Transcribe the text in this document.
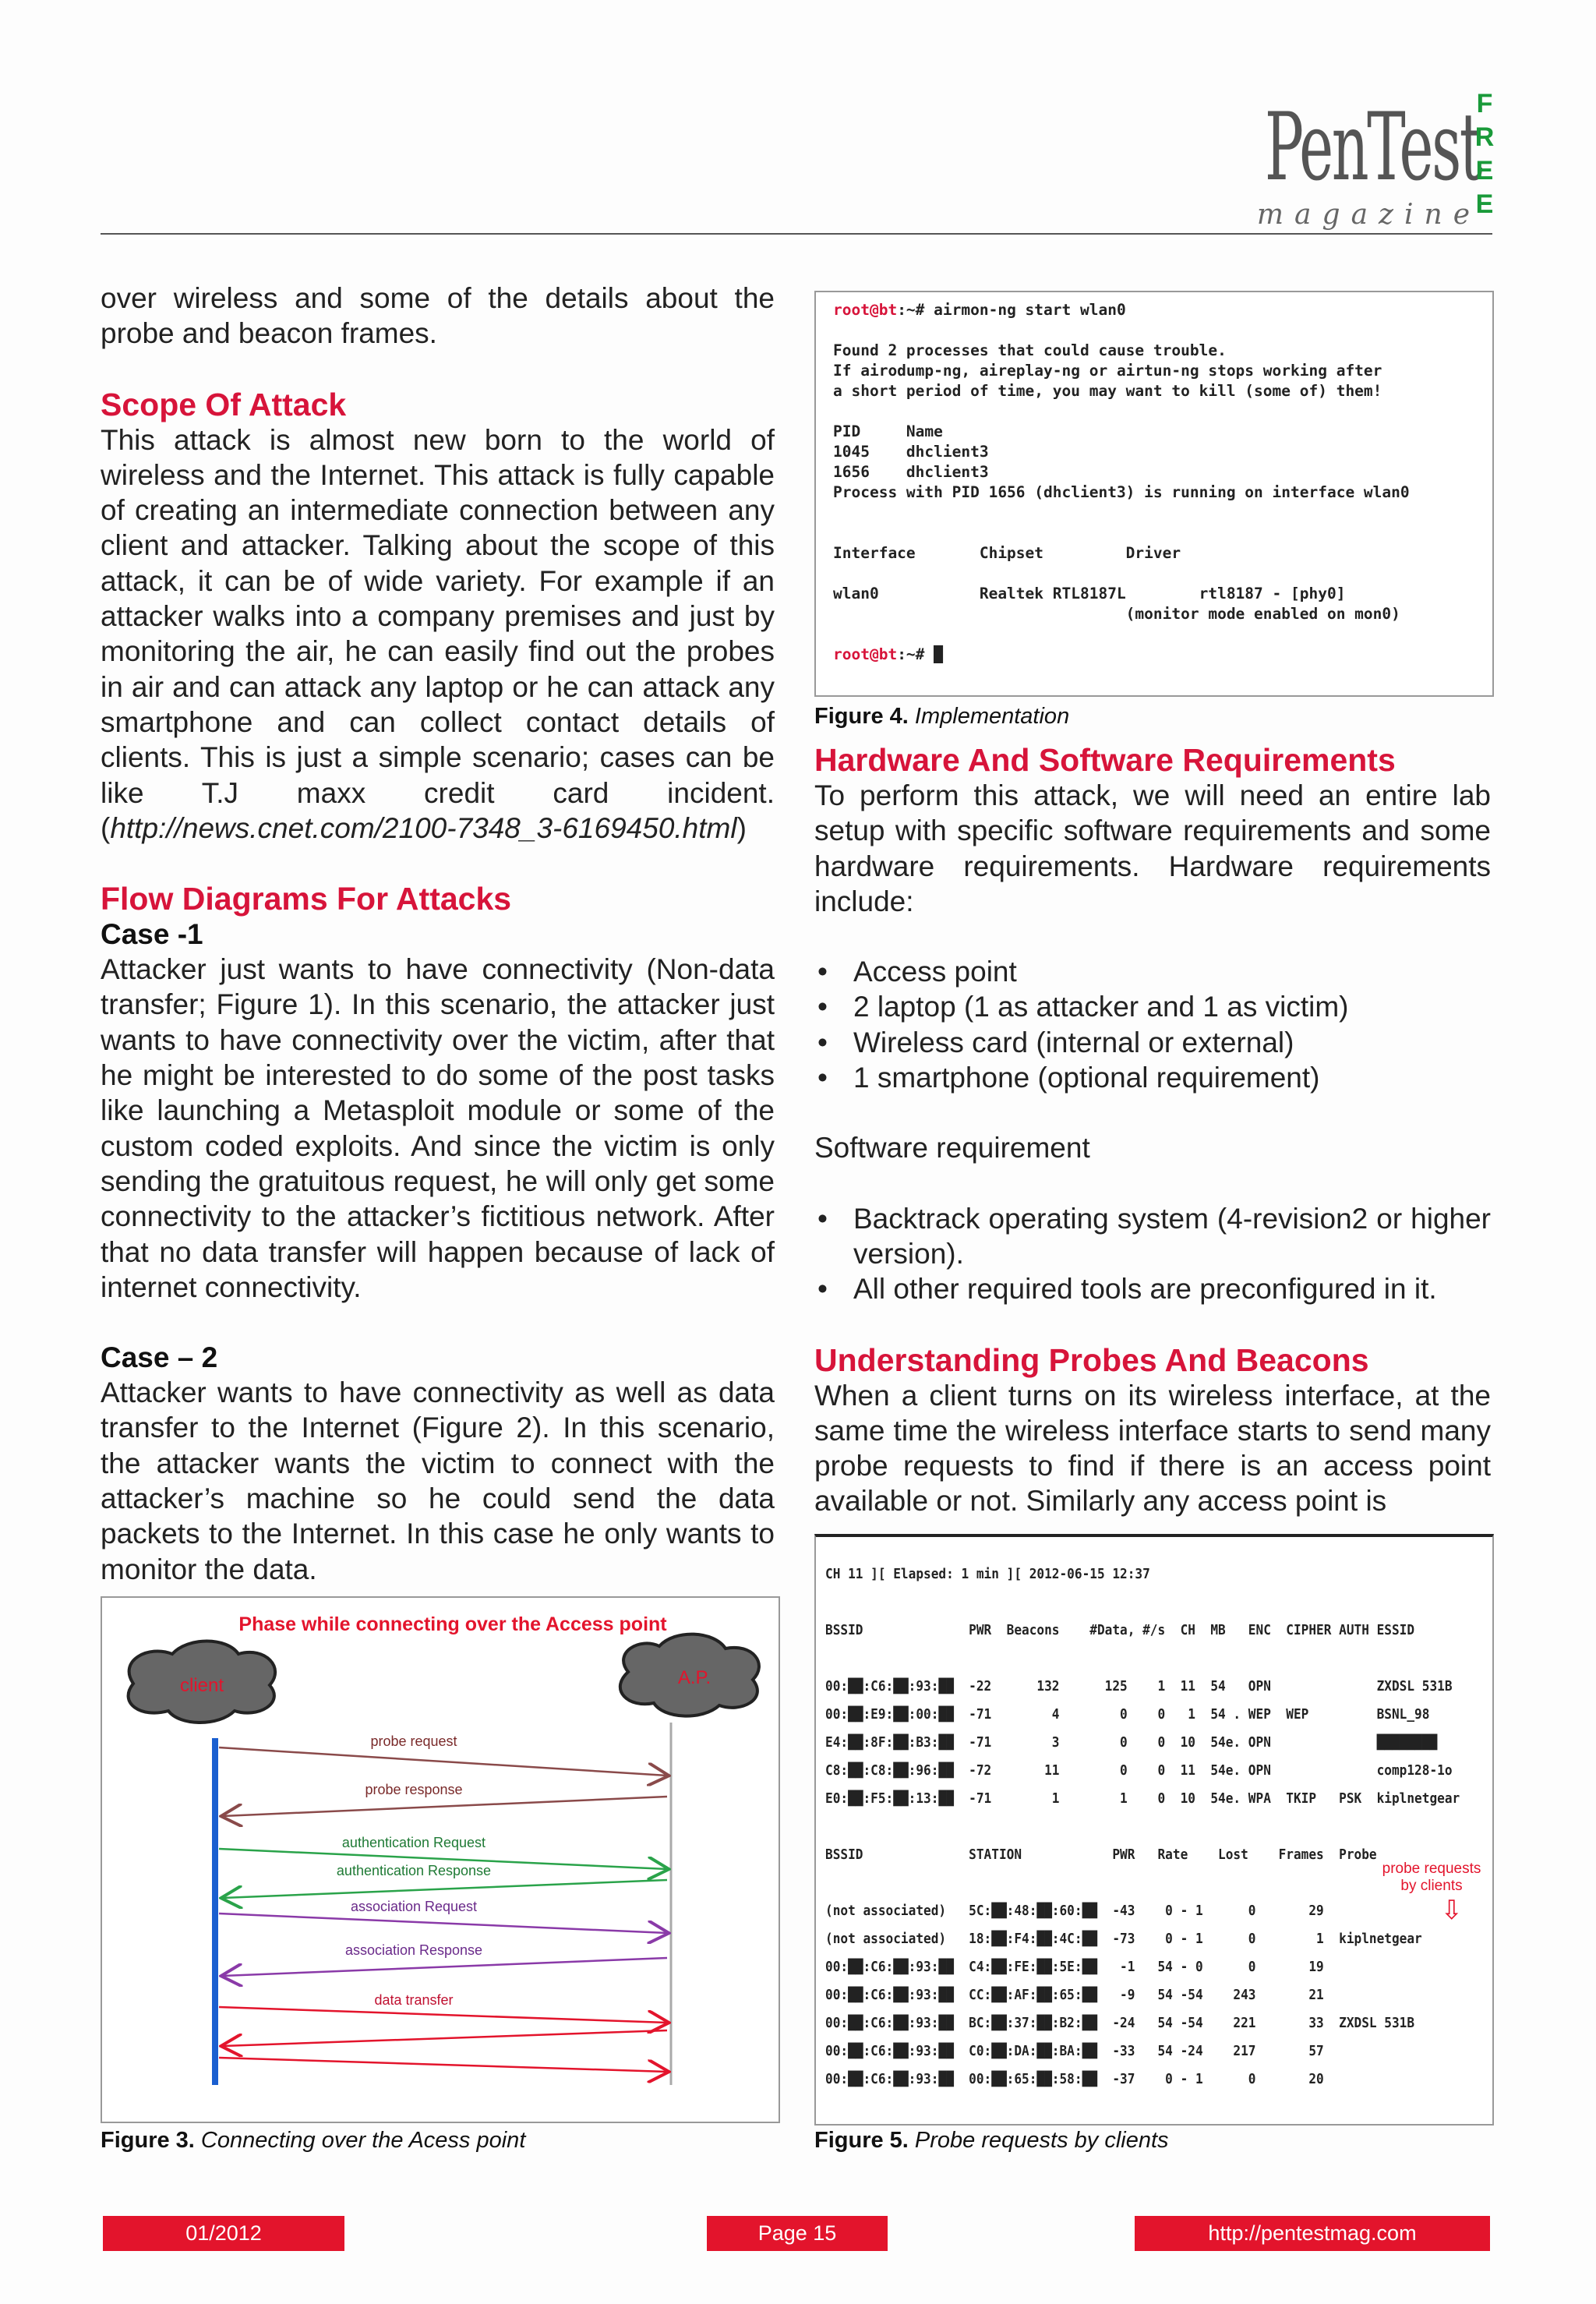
PenTest
magazine
F
R
E
E

over wireless and some of the details about the probe and beacon frames.

Scope Of Attack

This attack is almost new born to the world of wireless and the Internet. This attack is fully capable of creating an intermediate connection between any client and attacker. Talking about the scope of this attack, it can be of wide variety. For example if an attacker walks into a company premises and just by monitoring the air, he can easily find out the probes in air and can attack any laptop or he can attack any smartphone and can collect contact details of clients. This is just a simple scenario; cases can be like T.J maxx credit card incident. (http://news.cnet.com/2100-7348_3-6169450.html)

Flow Diagrams For Attacks
Case -1

Attacker just wants to have connectivity (Non-data transfer; Figure 1). In this scenario, the attacker just wants to have connectivity over the victim, after that he might be interested to do some of the post tasks like launching a Metasploit module or some of the custom coded exploits. And since the victim is only sending the gratuitous request, he will only get some connectivity to the attacker’s fictitious network. After that no data transfer will happen because of lack of internet connectivity.

Case – 2

Attacker wants to have connectivity as well as data transfer to the Internet (Figure 2). In this scenario, the attacker wants the victim to connect with the attacker’s machine so he could send the data packets to the Internet. In this case he only wants to monitor the data.

Phase while connecting over the Access point
client	A.P.
probe request
probe response
authentication Request
authentication Response
association Request
association Response
data transfer
Figure 3. Connecting over the Acess point
root@bt:~# airmon-ng start wlan0

Found 2 processes that could cause trouble.
If airodump-ng, aireplay-ng or airtun-ng stops working after
a short period of time, you may want to kill (some of) them!

PID     Name
1045    dhclient3
1656    dhclient3
Process with PID 1656 (dhclient3) is running on interface wlan0

Interface       Chipset         Driver

wlan0           Realtek RTL8187L        rtl8187 - [phy0]
(monitor mode enabled on mon0)

root@bt:~# █
Figure 4. Implementation
Hardware And Software Requirements

To perform this attack, we will need an entire lab setup with specific software requirements and some hardware requirements. Hardware requirements include:

• Access point
• 2 laptop (1 as attacker and 1 as victim)
• Wireless card (internal or external)
• 1 smartphone (optional requirement)

Software requirement

• Backtrack operating system (4-revision2 or higher version).
• All other required tools are preconfigured in it.
Understanding Probes And Beacons

When a client turns on its wireless interface, at the same time the wireless interface starts to send many probe requests to find if there is an access point available or not. Similarly any access point is

CH 11 ][ Elapsed: 1 min ][ 2012-06-15 12:37

BSSID              PWR  Beacons    #Data, #/s  CH  MB   ENC  CIPHER AUTH ESSID

00:██:C6:██:93:██  -22      132      125    1  11  54   OPN              ZXDSL 531B
00:██:E9:██:00:██  -71        4        0    0   1  54 . WEP  WEP         BSNL_98
E4:██:8F:██:B3:██  -71        3        0    0  10  54e. OPN              ████████
C8:██:C8:██:96:██  -72       11        0    0  11  54e. OPN              comp128-1o
E0:██:F5:██:13:██  -71        1        1    0  10  54e. WPA  TKIP   PSK  kiplnetgear

BSSID              STATION            PWR   Rate    Lost    Frames  Probe

(not associated)   5C:██:48:██:60:██  -43    0 - 1      0       29
(not associated)   18:██:F4:██:4C:██  -73    0 - 1      0        1  kiplnetgear
00:██:C6:██:93:██  C4:██:FE:██:5E:██   -1   54 - 0      0       19
00:██:C6:██:93:██  CC:██:AF:██:65:██   -9   54 -54    243       21
00:██:C6:██:93:██  BC:██:37:██:B2:██  -24   54 -54    221       33  ZXDSL 531B
00:██:C6:██:93:██  C0:██:DA:██:BA:██  -33   54 -24    217       57
00:██:C6:██:93:██  00:██:65:██:58:██  -37    0 - 1      0       20
probe requests by clients
⇩
Figure 5. Probe requests by clients
01/2012	Page 15	http://pentestmag.com
